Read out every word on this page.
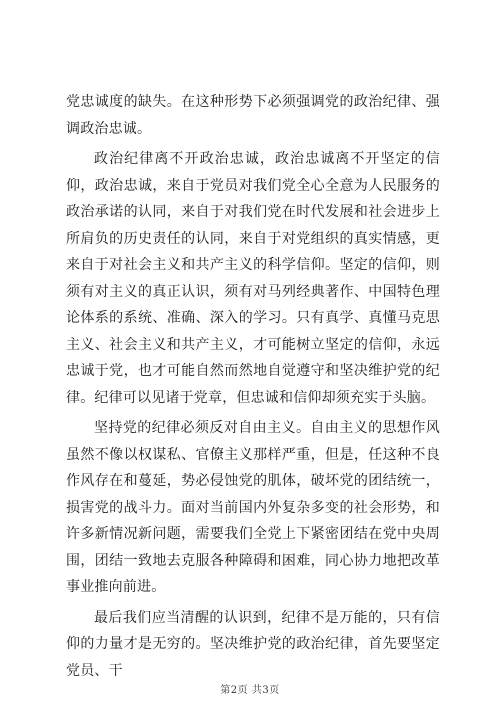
党忠诚度的缺失。在这种形势下必须强调党的政治纪律、强调政治忠诚。

政治纪律离不开政治忠诚，政治忠诚离不开坚定的信仰，政治忠诚，来自于党员对我们党全心全意为人民服务的政治承诺的认同，来自于对我们党在时代发展和社会进步上所肩负的历史责任的认同，来自于对党组织的真实情感，更来自于对社会主义和共产主义的科学信仰。坚定的信仰，则须有对主义的真正认识，须有对马列经典著作、中国特色理论体系的系统、准确、深入的学习。只有真学、真懂马克思主义、社会主义和共产主义，才可能树立坚定的信仰，永远忠诚于党，也才可能自然而然地自觉遵守和坚决维护党的纪律。纪律可以见诸于党章，但忠诚和信仰却须充实于头脑。

坚持党的纪律必须反对自由主义。自由主义的思想作风虽然不像以权谋私、官僚主义那样严重，但是，任这种不良作风存在和蔓延，势必侵蚀党的肌体，破坏党的团结统一，损害党的战斗力。面对当前国内外复杂多变的社会形势，和许多新情况新问题，需要我们全党上下紧密团结在党中央周围，团结一致地去克服各种障碍和困难，同心协力地把改革事业推向前进。

最后我们应当清醒的认识到，纪律不是万能的，只有信仰的力量才是无穷的。坚决维护党的政治纪律，首先要坚定党员、干

第2页 共3页
